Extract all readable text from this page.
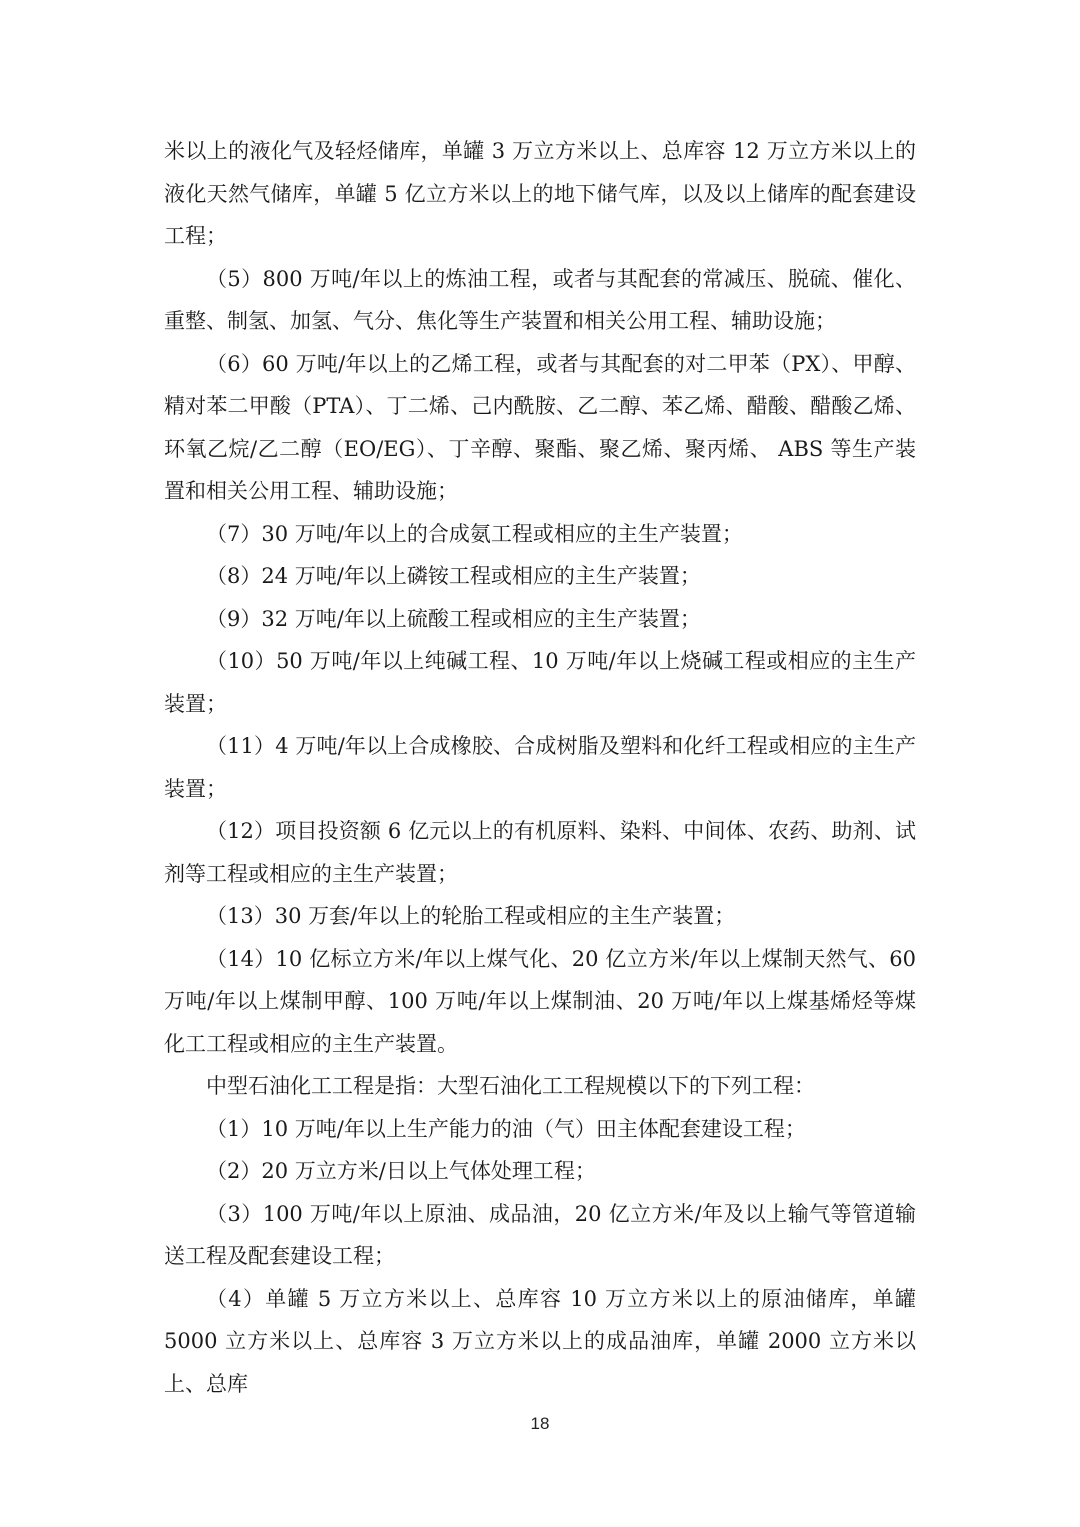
米以上的液化气及轻烃储库，单罐 3 万立方米以上、总库容 12 万立方米以上的液化天然气储库，单罐 5 亿立方米以上的地下储气库，以及以上储库的配套建设工程；

（5）800 万吨/年以上的炼油工程，或者与其配套的常减压、脱硫、催化、重整、制氢、加氢、气分、焦化等生产装置和相关公用工程、辅助设施；

（6）60 万吨/年以上的乙烯工程，或者与其配套的对二甲苯（PX）、甲醇、精对苯二甲酸（PTA）、丁二烯、己内酰胺、乙二醇、苯乙烯、醋酸、醋酸乙烯、环氧乙烷/乙二醇（EO/EG）、丁辛醇、聚酯、聚乙烯、聚丙烯、 ABS 等生产装置和相关公用工程、辅助设施；

（7）30 万吨/年以上的合成氨工程或相应的主生产装置；

（8）24 万吨/年以上磷铵工程或相应的主生产装置；

（9）32 万吨/年以上硫酸工程或相应的主生产装置；

（10）50 万吨/年以上纯碱工程、10 万吨/年以上烧碱工程或相应的主生产装置；

（11）4 万吨/年以上合成橡胶、合成树脂及塑料和化纤工程或相应的主生产装置；

（12）项目投资额 6 亿元以上的有机原料、染料、中间体、农药、助剂、试剂等工程或相应的主生产装置；

（13）30 万套/年以上的轮胎工程或相应的主生产装置；

（14）10 亿标立方米/年以上煤气化、20 亿立方米/年以上煤制天然气、60 万吨/年以上煤制甲醇、100 万吨/年以上煤制油、20 万吨/年以上煤基烯烃等煤化工工程或相应的主生产装置。

中型石油化工工程是指：大型石油化工工程规模以下的下列工程：

（1）10 万吨/年以上生产能力的油（气）田主体配套建设工程；

（2）20 万立方米/日以上气体处理工程；

（3）100 万吨/年以上原油、成品油，20 亿立方米/年及以上输气等管道输送工程及配套建设工程；

（4）单罐 5 万立方米以上、总库容 10 万立方米以上的原油储库，单罐 5000 立方米以上、总库容 3 万立方米以上的成品油库，单罐 2000 立方米以上、总库

18
